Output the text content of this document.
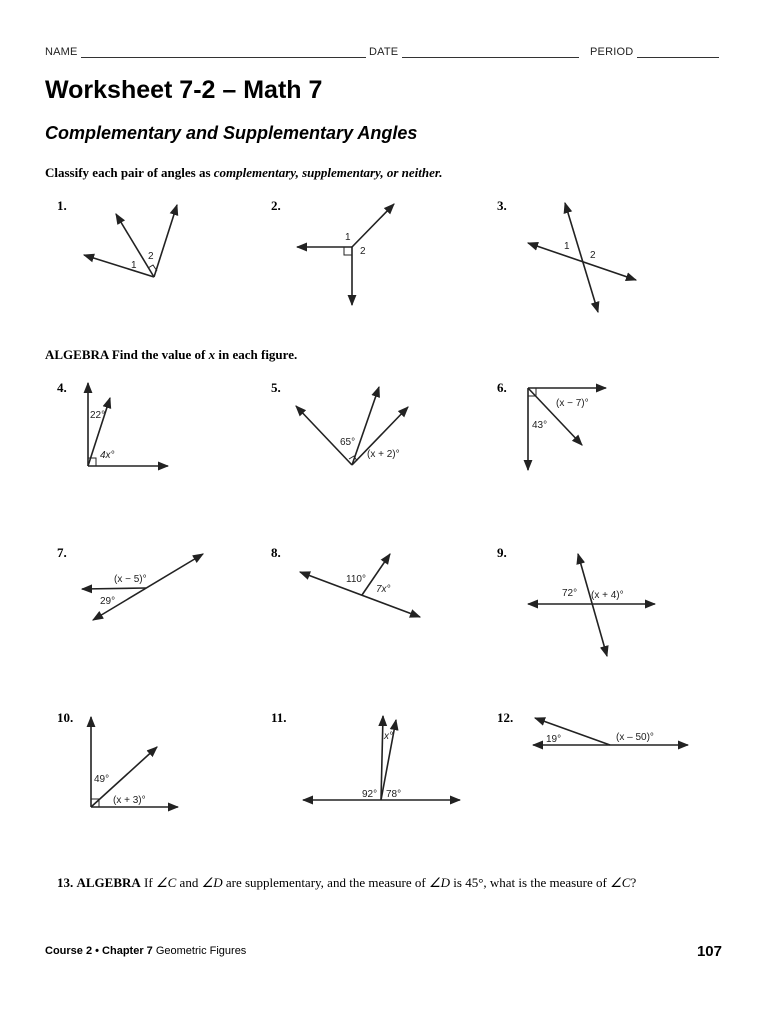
NAME	DATE	PERIOD
Worksheet 7-2 – Math 7
Complementary and Supplementary Angles
Classify each pair of angles as complementary, supplementary, or neither.
1.	2.	3.
1
2
1
2	1
2
ALGEBRA Find the value of x in each figure.
4.	5.	6.
22°
4x°
65°
(x + 2)°
(x − 7)°
43°
7.	8.	9.
(x − 5)°
29°
110°
7x°	72° (x + 4)°
10.	11.	12.
49°
(x + 3)°
x°
92° 78°
19°	(x – 50)°
13. ALGEBRA If ∠C and ∠D are supplementary, and the measure of ∠D is 45°, what is the measure of ∠C?
Course 2 • Chapter 7 Geometric Figures	107
